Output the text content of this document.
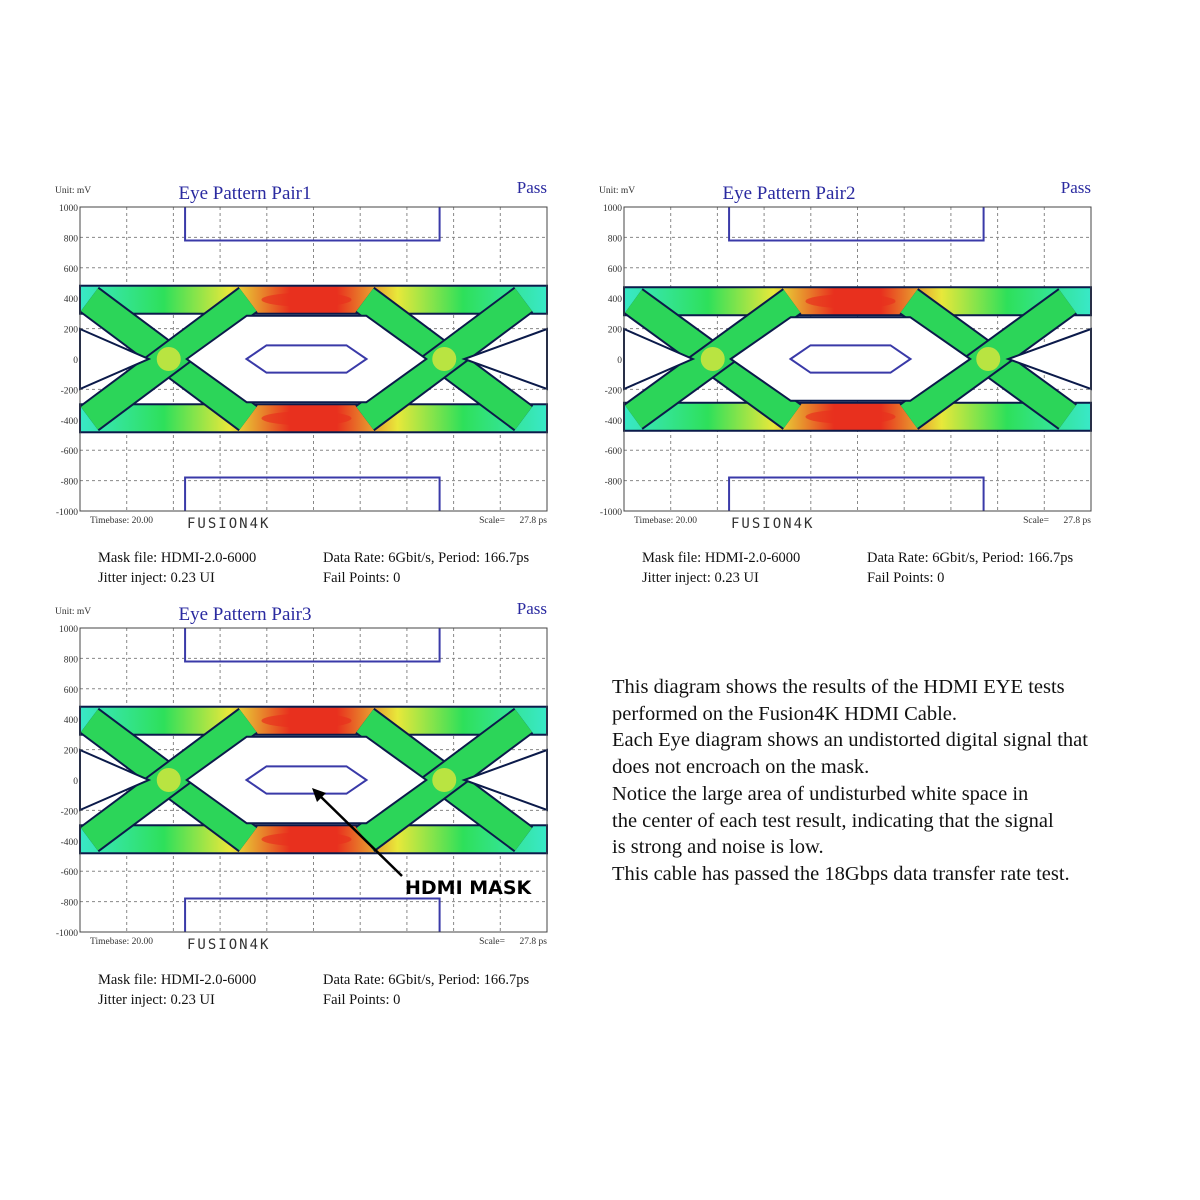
1000
800
600
400
200
0
-200
-400
-600
-800
-1000
Eye Pattern Pair1
Unit: mV	Pass
Timebase: 20.00 FUSION4K	Scale= 27.8 ps
Mask file: HDMI-2.0-6000
Jitter inject: 0.23 UI
Data Rate: 6Gbit/s, Period: 166.7ps
Fail Points: 0
1000
800
600
400
200
0
-200
-400
-600
-800
-1000
Eye Pattern Pair2
Unit: mV	Pass
Timebase: 20.00 FUSION4K	Scale= 27.8 ps
Mask file: HDMI-2.0-6000
Jitter inject: 0.23 UI
Data Rate: 6Gbit/s, Period: 166.7ps
Fail Points: 0
1000
800
600
400
200
0
-200
-400
-600
-800
-1000
Eye Pattern Pair3
Unit: mV	Pass
Timebase: 20.00 FUSION4K	Scale= 27.8 ps
HDMI MASK
Mask file: HDMI-2.0-6000
Jitter inject: 0.23 UI
Data Rate: 6Gbit/s, Period: 166.7ps
Fail Points: 0
This diagram shows the results of the HDMI EYE tests
performed on the Fusion4K HDMI Cable.
Each Eye diagram shows an undistorted digital signal that
does not encroach on the mask.
Notice the large area of undisturbed white space in
the center of each test result, indicating that the signal
is strong and noise is low.
This cable has passed the 18Gbps data transfer rate test.
